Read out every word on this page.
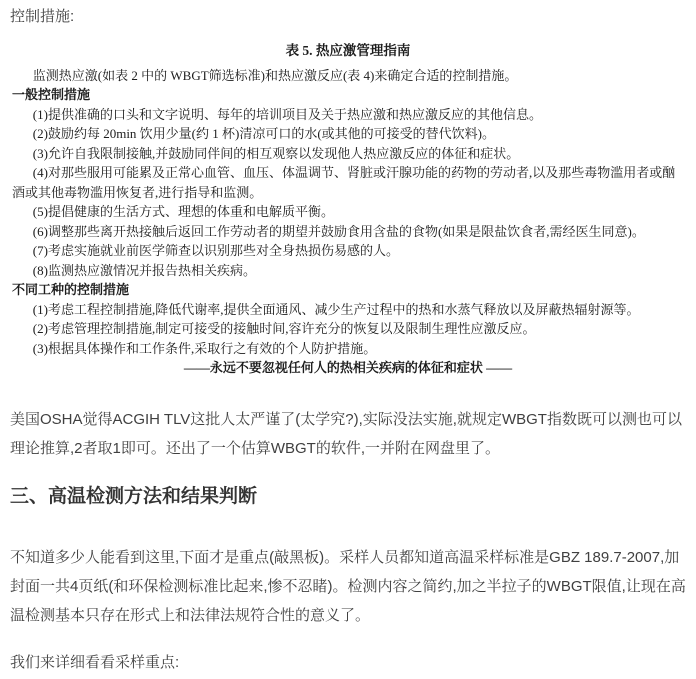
控制措施:

表 5. 热应激管理指南
监测热应激(如表 2 中的 WBGT筛选标准)和热应激反应(表 4)来确定合适的控制措施。
一般控制措施
(1)提供准确的口头和文字说明、每年的培训项目及关于热应激和热应激反应的其他信息。
(2)鼓励约每 20min 饮用少量(约 1 杯)清凉可口的水(或其他的可接受的替代饮料)。
(3)允许自我限制接触,并鼓励同伴间的相互观察以发现他人热应激反应的体征和症状。
(4)对那些服用可能累及正常心血管、血压、体温调节、肾脏或汗腺功能的药物的劳动者,以及那些毒物滥用者或酗酒或其他毒物滥用恢复者,进行指导和监测。
(5)提倡健康的生活方式、理想的体重和电解质平衡。
(6)调整那些离开热接触后返回工作劳动者的期望并鼓励食用含盐的食物(如果是限盐饮食者,需经医生同意)。
(7)考虑实施就业前医学筛查以识别那些对全身热损伤易感的人。
(8)监测热应激情况并报告热相关疾病。
不同工种的控制措施
(1)考虑工程控制措施,降低代谢率,提供全面通风、减少生产过程中的热和水蒸气释放以及屏蔽热辐射源等。
(2)考虑管理控制措施,制定可接受的接触时间,容许充分的恢复以及限制生理性应激反应。
(3)根据具体操作和工作条件,采取行之有效的个人防护措施。
——永远不要忽视任何人的热相关疾病的体征和症状 ——

美国OSHA觉得ACGIH TLV这批人太严谨了(太学究?),实际没法实施,就规定WBGT指数既可以测也可以理论推算,2者取1即可。还出了一个估算WBGT的软件,一并附在网盘里了。

三、高温检测方法和结果判断

不知道多少人能看到这里,下面才是重点(敲黑板)。采样人员都知道高温采样标准是GBZ 189.7-2007,加封面一共4页纸(和环保检测标准比起来,惨不忍睹)。检测内容之简约,加之半拉子的WBGT限值,让现在高温检测基本只存在形式上和法律法规符合性的意义了。

我们来详细看看采样重点:
